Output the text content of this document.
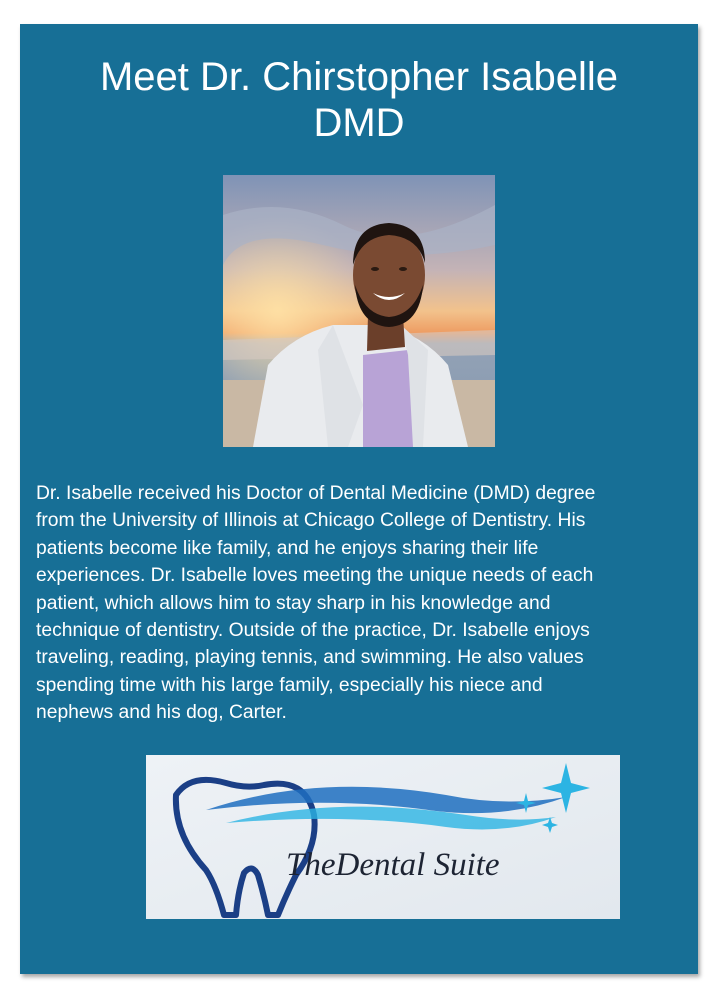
Meet Dr. Chirstopher Isabelle
DMD
Dr. Isabelle received his Doctor of Dental Medicine (DMD) degree
from the University of Illinois at Chicago College of Dentistry. His
patients become like family, and he enjoys sharing their life
experiences. Dr. Isabelle loves meeting the unique needs of each
patient, which allows him to stay sharp in his knowledge and
technique of dentistry. Outside of the practice, Dr. Isabelle enjoys
traveling, reading, playing tennis, and swimming. He also values
spending time with his large family, especially his niece and
nephews and his dog, Carter.
TheDental Suite
